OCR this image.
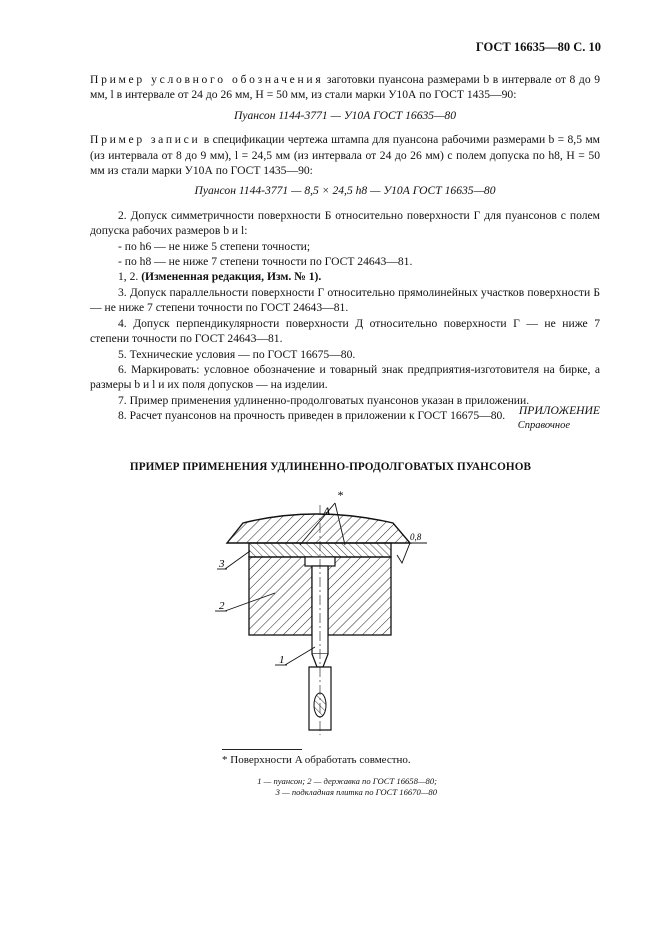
ГОСТ 16635—80 С. 10

Пример условного обозначения заготовки пуансона размерами b в интервале от 8 до 9 мм, l в интервале от 24 до 26 мм, H = 50 мм, из стали марки У10А по ГОСТ 1435—90:

Пуансон 1144-3771 — У10А ГОСТ 16635—80

Пример записи в спецификации чертежа штампа для пуансона рабочими размерами b = 8,5 мм (из интервала от 8 до 9 мм), l = 24,5 мм (из интервала от 24 до 26 мм) с полем допуска по h8, H = 50 мм из стали марки У10А по ГОСТ 1435—90:

Пуансон 1144-3771 — 8,5 × 24,5 h8 — У10А ГОСТ 16635—80

2. Допуск симметричности поверхности Б относительно поверхности Г для пуансонов с полем допуска рабочих размеров b и l:

- по h6 — не ниже 5 степени точности;

- по h8 — не ниже 7 степени точности по ГОСТ 24643—81.

1, 2. (Измененная редакция, Изм. № 1).

3. Допуск параллельности поверхности Г относительно прямолинейных участков поверхности Б — не ниже 7 степени точности по ГОСТ 24643—81.

4. Допуск перпендикулярности поверхности Д относительно поверхности Г — не ниже 7 степени точности по ГОСТ 24643—81.

5. Технические условия — по ГОСТ 16675—80.

6. Маркировать: условное обозначение и товарный знак предприятия-изготовителя на бирке, а размеры b и l и их поля допусков — на изделии.

7. Пример применения удлиненно-продолговатых пуансонов указан в приложении.

8. Расчет пуансонов на прочность приведен в приложении к ГОСТ 16675—80.	ПРИЛОЖЕНИЕ
Справочное
ПРИМЕР ПРИМЕНЕНИЯ УДЛИНЕННО-ПРОДОЛГОВАТЫХ ПУАНСОНОВ
*
A
0,8
3
2
1
* Поверхности A обработать совместно.
1 — пуансон; 2 — державка по ГОСТ 16658—80;
3 — подкладная плитка по ГОСТ 16670—80
